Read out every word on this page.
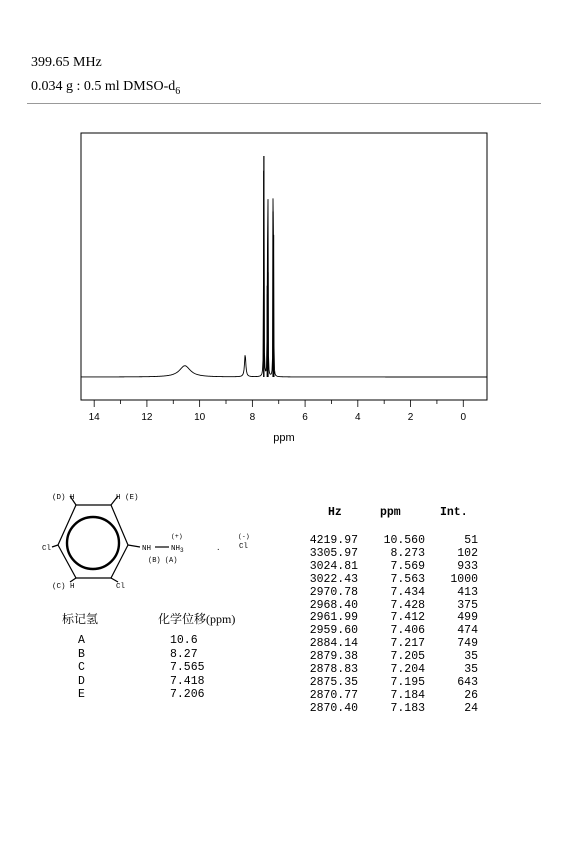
399.65 MHz
0.034 g : 0.5 ml DMSO-$d_6$
14	12	10	8	6	4	2	0
ppm
(D) H	H (E)
Cl
(C) H	Cl
NH	$NH_3$
(+)
(B) (A)
.
(-)
Cl
标记氢	化学位移(ppm)
A	10.6
B	8.27
C	7.565
D	7.418
E	7.206
Hz	ppm	Int.
4219.97	10.560	51
3305.97	8.273	102
3024.81	7.569	933
3022.43	7.563	1000
2970.78	7.434	413
2968.40	7.428	375
2961.99	7.412	499
2959.60	7.406	474
2884.14	7.217	749
2879.38	7.205	35
2878.83	7.204	35
2875.35	7.195	643
2870.77	7.184	26
2870.40	7.183	24
